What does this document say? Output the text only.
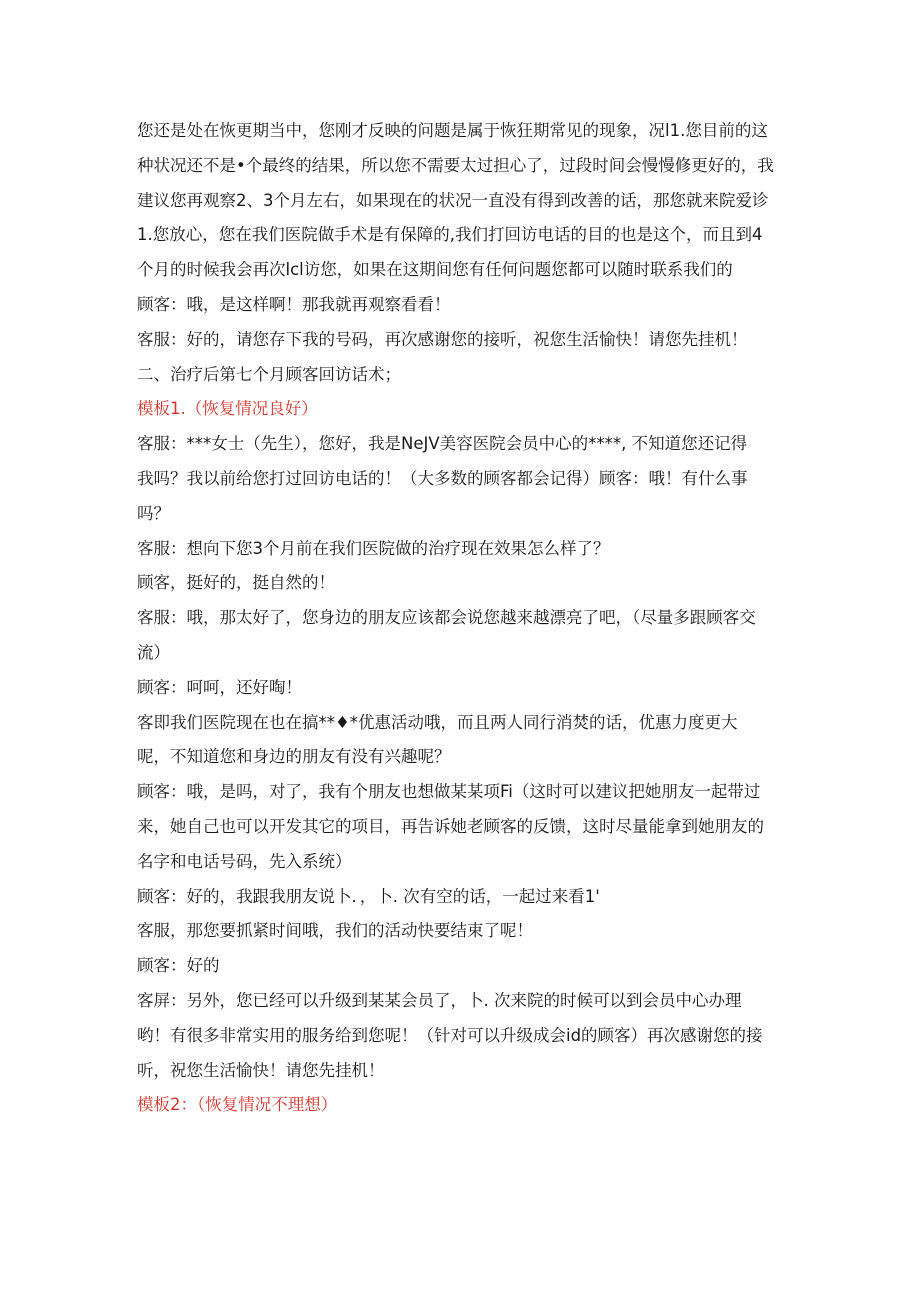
您还是处在恢更期当中，您刚才反映的问题是属于恢狂期常见的现象，况l1.您目前的这
种状况还不是•个最终的结果，所以您不需要太过担心了，过段时间会慢慢修更好的，我
建议您再观察2、3个月左右，如果现在的状况一直没有得到改善的话，那您就来院爱诊
1.您放心，您在我们医院做手术是有保障的,我们打回访电话的目的也是这个，而且到4
个月的时候我会再次lcl访您，如果在这期间您有任何问题您都可以随时联系我们的
顾客：哦，是这样啊！那我就再观察看看！
客服：好的，请您存下我的号码，再次感谢您的接听，祝您生活愉快！请您先挂机！
二、治疗后第七个月顾客回访话术；
模板1.（恢复情况良好）
客服：***女士（先生），您好，我是NeJV美容医院会员中心的****, 不知道您还记得
我吗？我以前给您打过回访电话的！（大多数的顾客都会记得）顾客：哦！有什么事
吗？
客服：想向下您3个月前在我们医院做的治疗现在效果怎么样了？
顾客，挺好的，挺自然的！
客服：哦，那太好了，您身边的朋友应该都会说您越来越漂亮了吧，（尽量多跟顾客交
流）
顾客：呵呵，还好啕！
客即我们医院现在也在搞**♦*优惠活动哦，而且两人同行消焚的话，优惠力度更大
呢，不知道您和身边的朋友有没有兴趣呢？
顾客：哦，是吗，对了，我有个朋友也想做某某项Fi（这时可以建议把她朋友一起带过
来，她自己也可以开发其它的项目，再告诉她老顾客的反馈，这时尽量能拿到她朋友的
名字和电话号码，先入系统）
顾客：好的，我跟我朋友说卜．，卜. 次有空的话，一起过来看1'
客服，那您要抓紧时间哦，我们的活动快要结束了呢！
顾客：好的
客屏：另外，您已经可以升级到某某会员了，卜. 次来院的时候可以到会员中心办理
哟！有很多非常实用的服务给到您呢！（针对可以升级成会id的顾客）再次感谢您的接
听，祝您生活愉快！请您先挂机！
模板2：（恢复情况不理想）
